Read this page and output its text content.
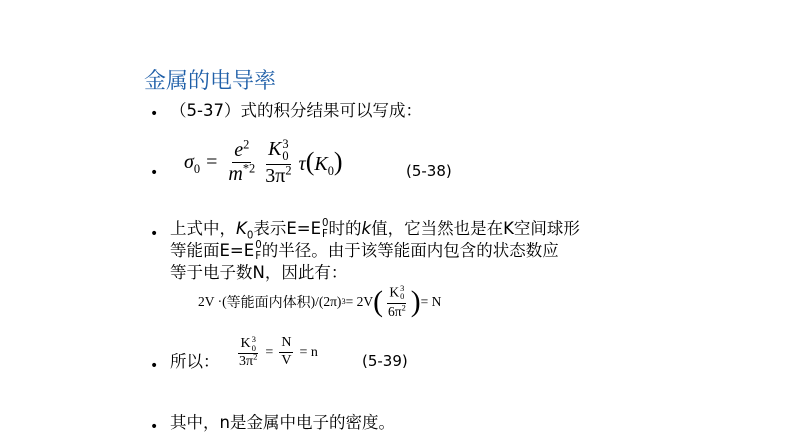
金属的电导率
• （5-37）式的积分结果可以写成：
•
$\sigma_0 = \frac{e^2}{m^{*2}}$ K 3
0
$3\pi^2$ $\tau(K_0)$	(5-38)
• 上式中，$K_0$表示E=E 0
F 时的k值，它当然也是在K空间球形
等能面E=E 0
F 的半径。由于该等能面内包含的状态数应
等于电子数N，因此有：
2V ·( 等能面内体积 )/(2π) 3 = 2V ( K 3
0
$6\pi^2$ ) = N
• 所以： K 3
0
$3\pi^2 = \frac{N}{V} = n$	(5-39)
• 其中，n是金属中电子的密度。
